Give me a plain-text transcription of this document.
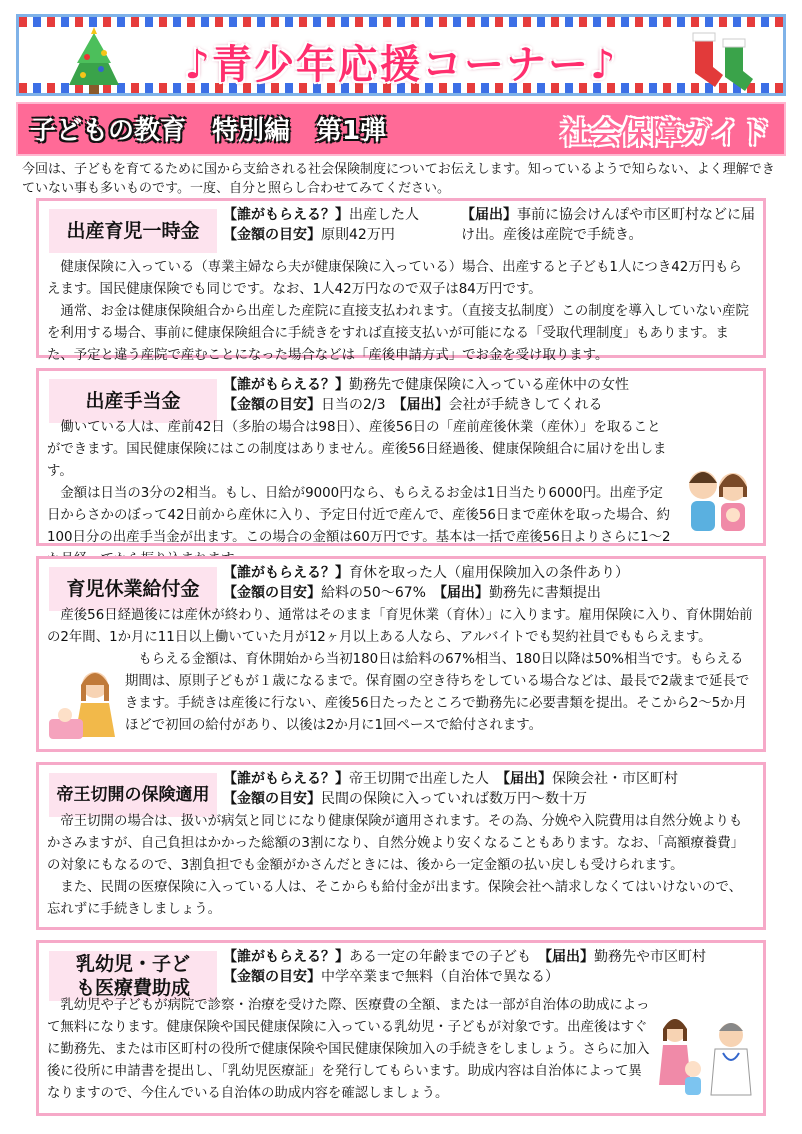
♪青少年応援コーナー♪
子どもの教育　特別編　第1弾	社会保障ガイド
今回は、子どもを育てるために国から支給される社会保険制度についてお伝えします。知っているようで知らない、よく理解できていない事も多いものです。一度、自分と照らし合わせてみてください。
出産育児一時金
【誰がもらえる？】出産した人
【金額の目安】原則42万円
【届出】事前に協会けんぽや市区町村などに届け出。産後は産院で手続き。

健康保険に入っている（専業主婦なら夫が健康保険に入っている）場合、出産すると子ども1人につき42万円もらえます。国民健康保険でも同じです。なお、1人42万円なので双子は84万円です。

通常、お金は健康保険組合から出産した産院に直接支払われます。（直接支払制度）この制度を導入していない産院を利用する場合、事前に健康保険組合に手続きをすれば直接支払いが可能になる「受取代理制度」もあります。また、予定と違う産院で産むことになった場合などは「産後申請方式」でお金を受け取ります。

出産手当金
【誰がもらえる？】勤務先で健康保険に入っている産休中の女性
【金額の目安】日当の2/3　 【届出】会社が手続きしてくれる

働いている人は、産前42日（多胎の場合は98日）、産後56日の「産前産後休業（産休）」を取ることができます。国民健康保険にはこの制度はありません。産後56日経過後、健康保険組合に届けを出します。

金額は日当の3分の2相当。もし、日給が9000円なら、もらえるお金は1日当たり6000円。出産予定日からさかのぼって42日前から産休に入り、予定日付近で産んで、産後56日まで産休を取った場合、約100日分の出産手当金が出ます。この場合の金額は60万円です。基本は一括で産後56日よりさらに1～2

育児休業給付金
【誰がもらえる？】育休を取った人（雇用保険加入の条件あり）
【金額の目安】給料の50～67%　 【届出】勤務先に書類提出

産後56日経過後には産休が終わり、通常はそのまま「育児休業（育休）」に入ります。雇用保険に入り、育休開始前の2年間、1か月に11日以上働いていた月が12ヶ月以上ある人なら、アルバイトでも契約社員でももらえます。

もらえる金額は、育休開始から当初180日は給料の67%相当、180日以降は50%相当です。もらえる期間は、原則子どもが１歳になるまで。保育園の空き待ちをしている場合などは、最長で2歳まで延長できます。手続きは産後に行ない、産後56日たったところで勤務先に必要書類を提出。そこから2～5か月ほどで初回の給付があり、以後は2か月に1回ペースで給付されます。

帝王切開の保険適用
【誰がもらえる？】帝王切開で出産した人　 【届出】保険会社・市区町村
【金額の目安】民間の保険に入っていれば数万円～数十万

帝王切開の場合は、扱いが病気と同じになり健康保険が適用されます。その為、分娩や入院費用は自然分娩よりもかさみますが、自己負担はかかった総額の3割になり、自然分娩より安くなることもあります。なお、「高額療養費」の対象にもなるので、3割負担でも金額がかさんだときには、後から一定金額の払い戻しも受けられます。

また、民間の医療保険に入っている人は、そこからも給付金が出ます。保険会社へ請求しなくてはいけないので、忘れずに手続きしましょう。

乳幼児・子ども医療費助成
【誰がもらえる？】ある一定の年齢までの子ども　 【届出】勤務先や市区町村
【金額の目安】中学卒業まで無料（自治体で異なる）

乳幼児や子どもが病院で診察・治療を受けた際、医療費の全額、または一部が自治体の助成によって無料になります。健康保険や国民健康保険に入っている乳幼児・子どもが対象です。出産後はすぐに勤務先、または市区町村の役所で健康保険や国民健康保険加入の手続きをしましょう。さらに加入後に役所に申請書を提出し、「乳幼児医療証」を発行してもらいます。助成内容は自治体によって異なりますので、今住んでいる自治体の助成内容を確認しましょう。
